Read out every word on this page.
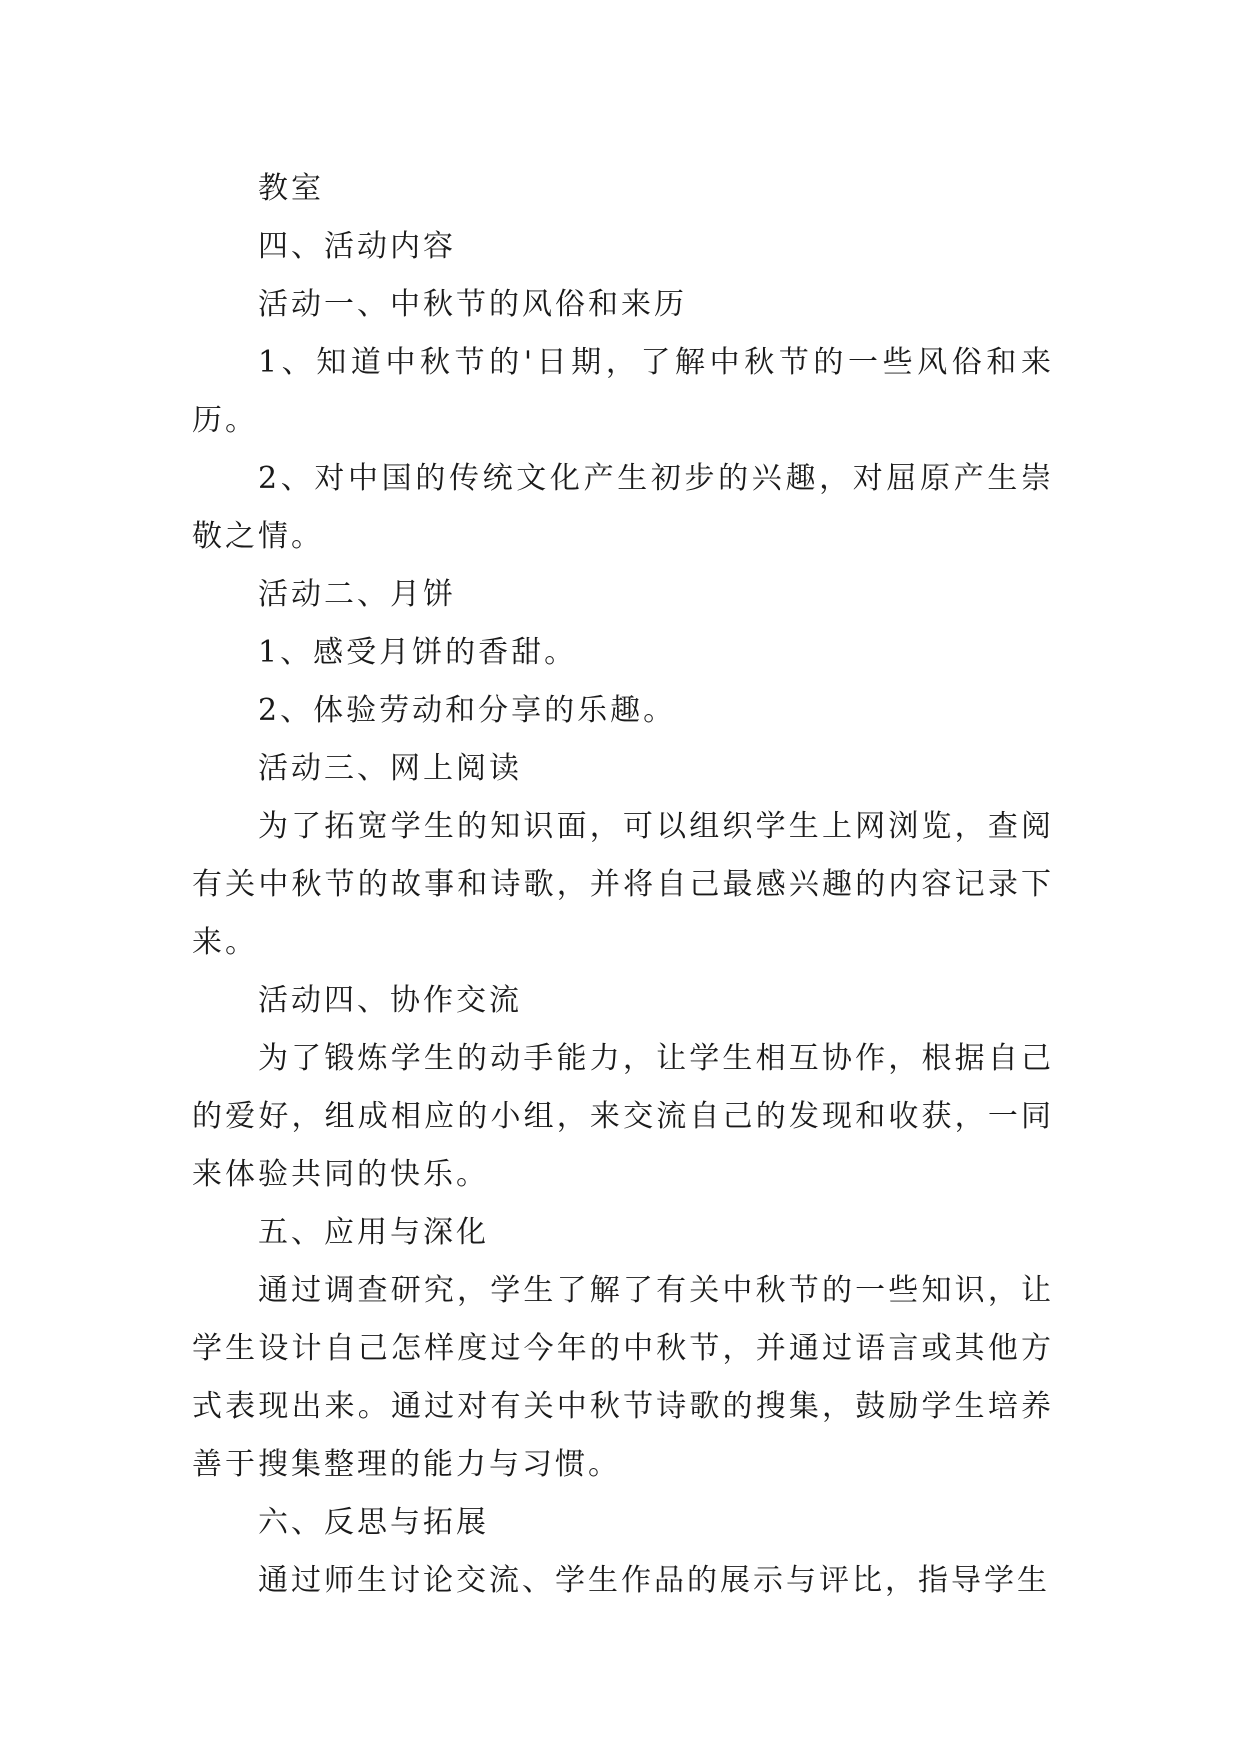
教室

四、活动内容

活动一、中秋节的风俗和来历

1、知道中秋节的'日期，了解中秋节的一些风俗和来历。

2、对中国的传统文化产生初步的兴趣，对屈原产生崇敬之情。

活动二、月饼

1、感受月饼的香甜。

2、体验劳动和分享的乐趣。

活动三、网上阅读

为了拓宽学生的知识面，可以组织学生上网浏览，查阅有关中秋节的故事和诗歌，并将自己最感兴趣的内容记录下来。

活动四、协作交流

为了锻炼学生的动手能力，让学生相互协作，根据自己的爱好，组成相应的小组，来交流自己的发现和收获，一同来体验共同的快乐。

五、应用与深化

通过调查研究，学生了解了有关中秋节的一些知识，让学生设计自己怎样度过今年的中秋节，并通过语言或其他方式表现出来。通过对有关中秋节诗歌的搜集，鼓励学生培养善于搜集整理的能力与习惯。

六、反思与拓展

通过师生讨论交流、学生作品的展示与评比，指导学生
